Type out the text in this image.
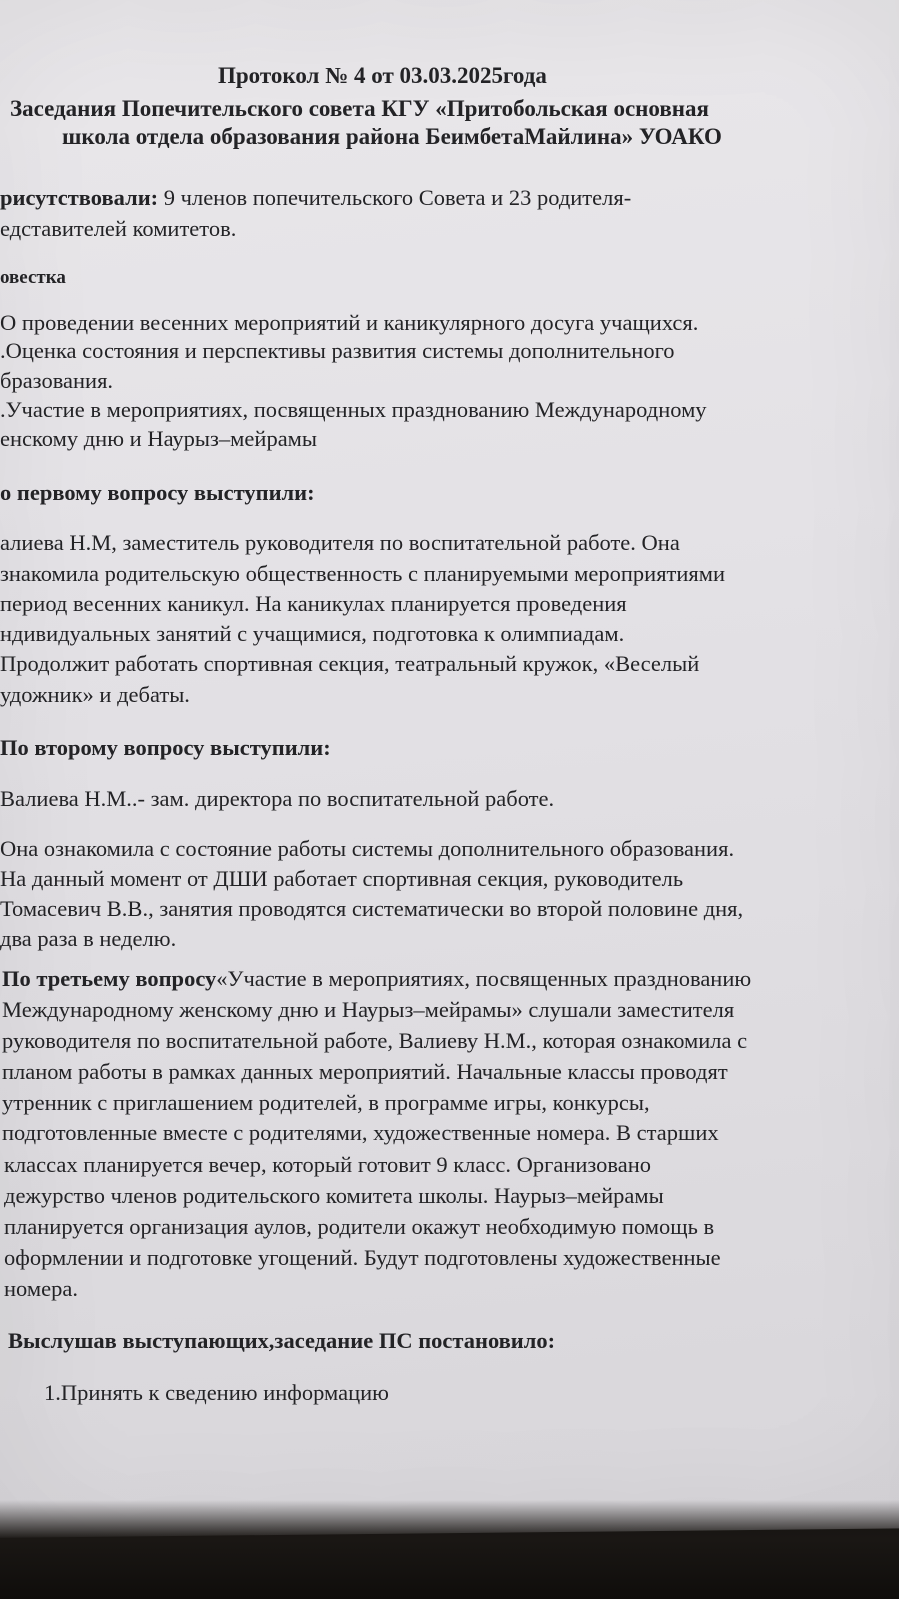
Протокол № 4 от 03.03.2025года
Заседания Попечительского совета КГУ «Притобольская основная
школа отдела образования района БеимбетаМайлина» УОАКО
рисутствовали: 9 членов попечительского Совета и 23 родителя-
едставителей комитетов.
овестка
О проведении весенних мероприятий и каникулярного досуга учащихся.
.Оценка состояния и перспективы развития системы дополнительного
бразования.
.Участие в мероприятиях, посвященных празднованию Международному
енскому дню и Наурыз–мейрамы
о первому вопросу выступили:
алиева Н.М, заместитель руководителя по воспитательной работе. Она
знакомила родительскую общественность с планируемыми мероприятиями
период весенних каникул. На каникулах планируется проведения
ндивидуальных занятий с учащимися, подготовка к олимпиадам.
Продолжит работать спортивная секция, театральный кружок, «Веселый
удожник» и дебаты.
По второму вопросу выступили:
Валиева Н.М..- зам. директора по воспитательной работе.
Она ознакомила с состояние работы системы дополнительного образования.
На данный момент от ДШИ работает спортивная секция, руководитель
Томасевич В.В., занятия проводятся систематически во второй половине дня,
два раза в неделю.
По третьему вопросу«Участие в мероприятиях, посвященных празднованию
Международному женскому дню и Наурыз–мейрамы» слушали заместителя
руководителя по воспитательной работе, Валиеву Н.М., которая ознакомила с
планом работы в рамках данных мероприятий. Начальные классы проводят
утренник с приглашением родителей, в программе игры, конкурсы,
подготовленные вместе с родителями, художественные номера. В старших
классах планируется вечер, который готовит 9 класс. Организовано
дежурство членов родительского комитета школы. Наурыз–мейрамы
планируется организация аулов, родители окажут необходимую помощь в
оформлении и подготовке угощений. Будут подготовлены художественные
номера.
Выслушав выступающих,заседание ПС постановило:
1.Принять к сведению информацию
